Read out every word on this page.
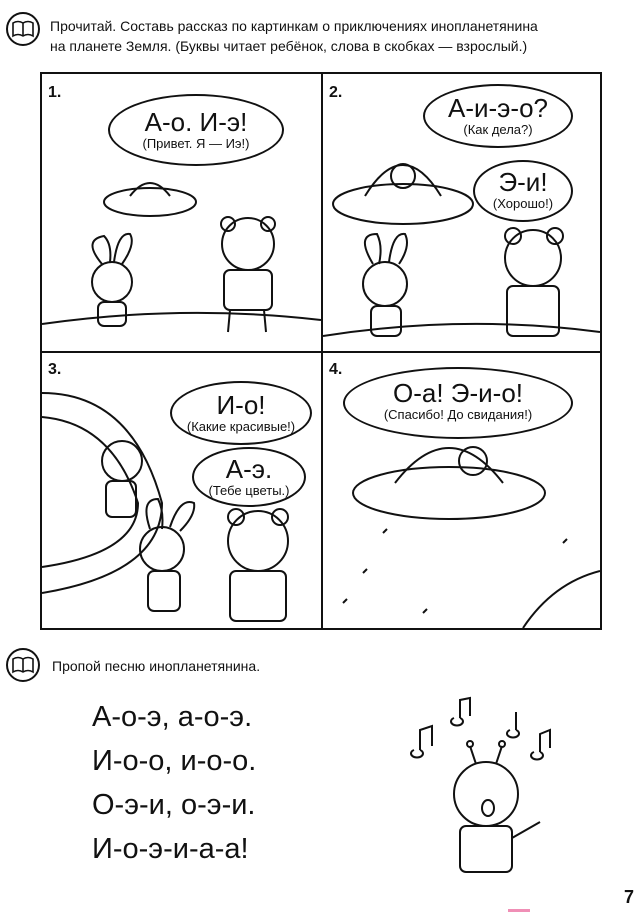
Прочитай. Составь рассказ по картинкам о приключениях инопланетянина
на планете Земля. (Буквы читает ребёнок, слова в скобках — взрослый.)
1.
А-о. И-э!
(Привет. Я — Иэ!)
2.
А-и-э-о?
(Как дела?)
Э-и!
(Хорошо!)
3.
И-о!
(Какие красивые!)
А-э.
(Тебе цветы.)
4.
О-а! Э-и-о!
(Спасибо! До свидания!)
Пропой песню инопланетянина.
А-о-э, а-о-э.
И-о-о, и-о-о.
О-э-и, о-э-и.
И-о-э-и-а-а!
7
